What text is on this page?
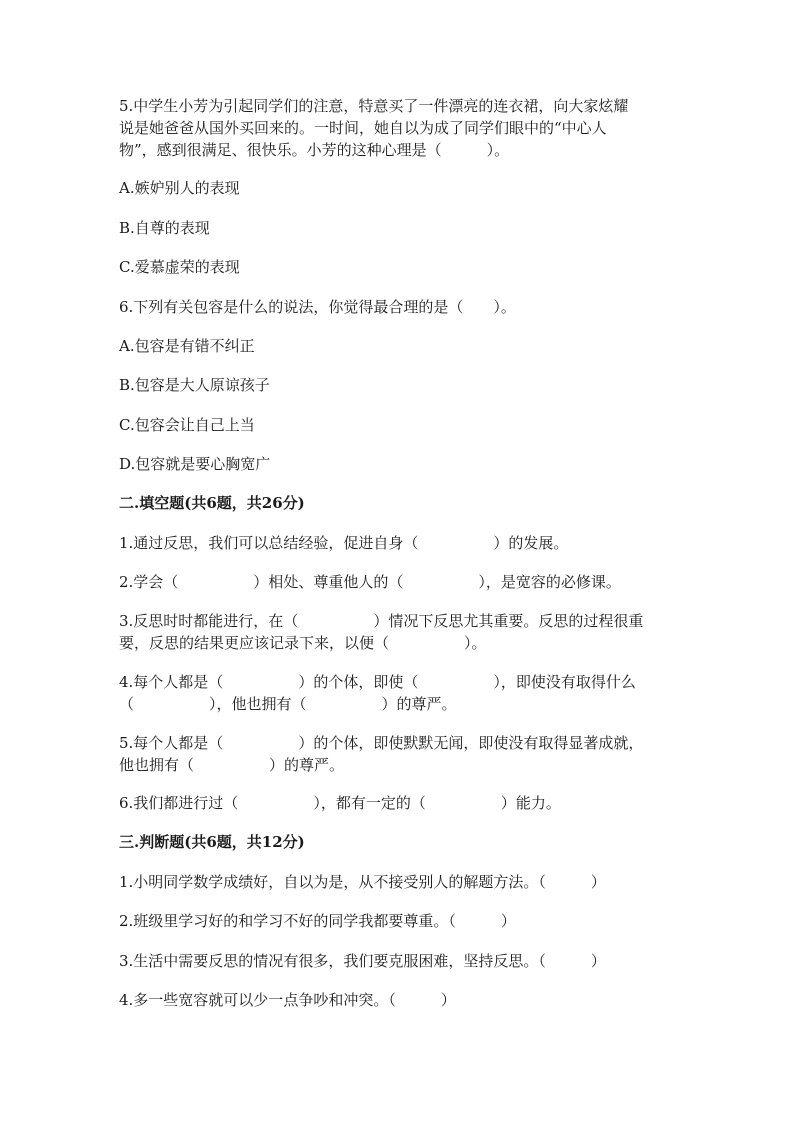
5.中学生小芳为引起同学们的注意，特意买了一件漂亮的连衣裙，向大家炫耀
说是她爸爸从国外买回来的。一时间，她自以为成了同学们眼中的“中心人
物”，感到很满足、很快乐。小芳的这种心理是（　　　）。
A.嫉妒别人的表现
B.自尊的表现
C.爱慕虚荣的表现
6.下列有关包容是什么的说法，你觉得最合理的是（　　）。
A.包容是有错不纠正
B.包容是大人原谅孩子
C.包容会让自己上当
D.包容就是要心胸宽广
二.填空题(共6题，共26分)
1.通过反思，我们可以总结经验，促进自身（　　　　　）的发展。
2.学会（　　　　　）相处、尊重他人的（　　　　　），是宽容的必修课。
3.反思时时都能进行，在（　　　　　）情况下反思尤其重要。反思的过程很重
要，反思的结果更应该记录下来，以便（　　　　　）。
4.每个人都是（　　　　　）的个体，即使（　　　　　），即使没有取得什么
（　　　　　），他也拥有（　　　　　）的尊严。
5.每个人都是（　　　　　）的个体，即使默默无闻，即使没有取得显著成就，
他也拥有（　　　　　）的尊严。
6.我们都进行过（　　　　　），都有一定的（　　　　　）能力。
三.判断题(共6题，共12分)
1.小明同学数学成绩好，自以为是，从不接受别人的解题方法。（　　　）
2.班级里学习好的和学习不好的同学我都要尊重。（　　　）
3.生活中需要反思的情况有很多，我们要克服困难，坚持反思。（　　　）
4.多一些宽容就可以少一点争吵和冲突。（　　　）
